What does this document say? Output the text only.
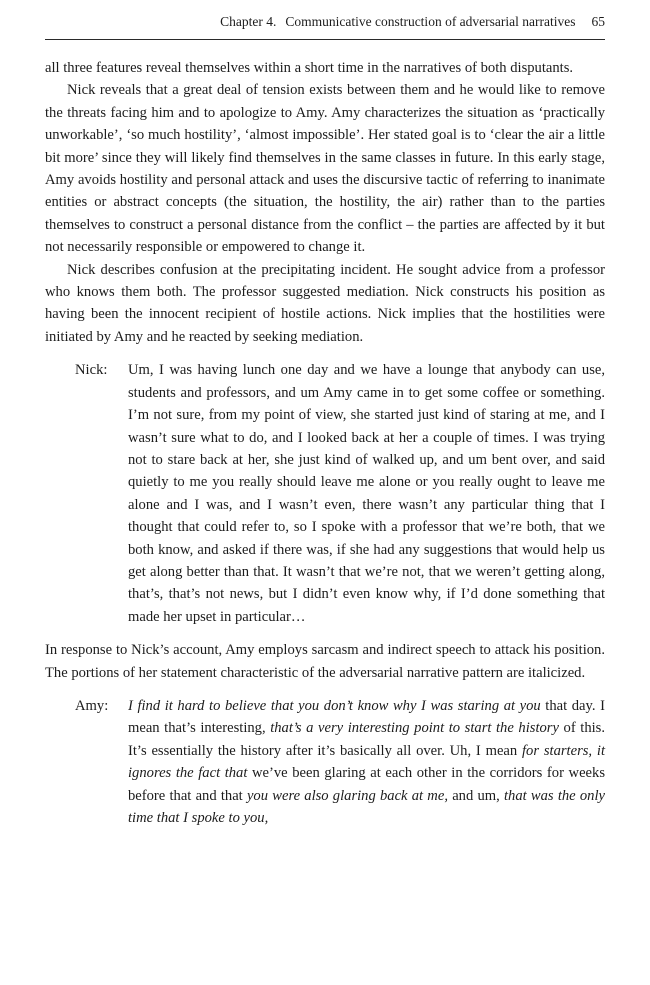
Chapter 4. Communicative construction of adversarial narratives 65

all three features reveal themselves within a short time in the narratives of both disputants.

Nick reveals that a great deal of tension exists between them and he would like to remove the threats facing him and to apologize to Amy. Amy characterizes the situation as ‘practically unworkable’, ‘so much hostility’, ‘almost impossible’. Her stated goal is to ‘clear the air a little bit more’ since they will likely find themselves in the same classes in future. In this early stage, Amy avoids hostility and personal attack and uses the discursive tactic of referring to inanimate entities or abstract concepts (the situation, the hostility, the air) rather than to the parties themselves to construct a personal distance from the conflict – the parties are affected by it but not necessarily responsible or empowered to change it.

Nick describes confusion at the precipitating incident. He sought advice from a professor who knows them both. The professor suggested mediation. Nick constructs his position as having been the innocent recipient of hostile actions. Nick implies that the hostilities were initiated by Amy and he reacted by seeking mediation.

Nick: Um, I was having lunch one day and we have a lounge that anybody can use, students and professors, and um Amy came in to get some coffee or something. I’m not sure, from my point of view, she started just kind of staring at me, and I wasn’t sure what to do, and I looked back at her a couple of times. I was trying not to stare back at her, she just kind of walked up, and um bent over, and said quietly to me you really should leave me alone or you really ought to leave me alone and I was, and I wasn’t even, there wasn’t any particular thing that I thought that could refer to, so I spoke with a professor that we’re both, that we both know, and asked if there was, if she had any suggestions that would help us get along better than that. It wasn’t that we’re not, that we weren’t getting along, that’s, that’s not news, but I didn’t even know why, if I’d done something that made her upset in particular…

In response to Nick’s account, Amy employs sarcasm and indirect speech to attack his position. The portions of her statement characteristic of the adversarial narrative pattern are italicized.

Amy: I find it hard to believe that you don’t know why I was staring at you that day. I mean that’s interesting, that’s a very interesting point to start the history of this. It’s essentially the history after it’s basically all over. Uh, I mean for starters, it ignores the fact that we’ve been glaring at each other in the corridors for weeks before that and that you were also glaring back at me, and um, that was the only time that I spoke to you,
